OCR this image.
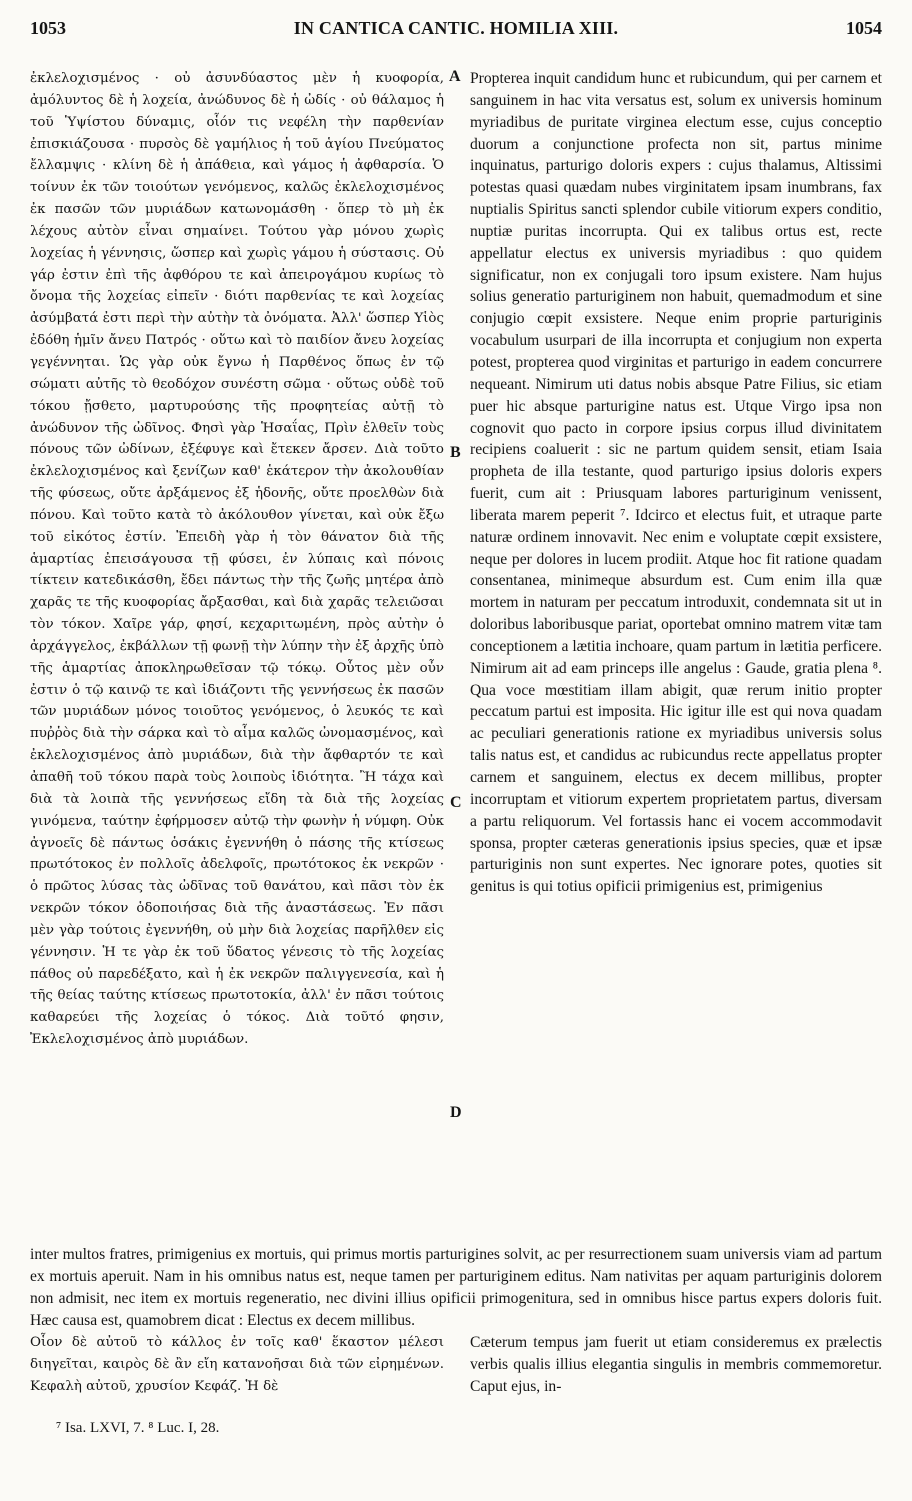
1053	IN CANTICA CANTIC. HOMILIA XIII.	1054

ἐκλελοχισμένος · οὐ ἀσυνδύαστος μὲν ἡ κυοφορία, ἀμόλυντος δὲ ἡ λοχεία, ἀνώδυνος δὲ ἡ ὠδίς · οὐ θάλαμος ἡ τοῦ Ὑψίστου δύναμις, οἷόν τις νεφέλη τὴν παρθενίαν ἐπισκιάζουσα · πυρσὸς δὲ γαμήλιος ἡ τοῦ ἁγίου Πνεύματος ἔλλαμψις · κλίνη δὲ ἡ ἀπάθεια, καὶ γάμος ἡ ἀφθαρσία. Ὁ τοίνυν ἐκ τῶν τοιούτων γενόμενος, καλῶς ἐκλελοχισμένος ἐκ πασῶν τῶν μυριάδων κατωνομάσθη · ὅπερ τὸ μὴ ἐκ λέχους αὐτὸν εἶναι σημαίνει. Τούτου γὰρ μόνου χωρὶς λοχείας ἡ γέννησις, ὥσπερ καὶ χωρὶς γάμου ἡ σύστασις. Οὐ γάρ ἐστιν ἐπὶ τῆς ἀφθόρου τε καὶ ἀπειρογάμου κυρίως τὸ ὄνομα τῆς λοχείας εἰπεῖν · διότι παρθενίας τε καὶ λοχείας ἀσύμβατά ἐστι περὶ τὴν αὐτὴν τὰ ὀνόματα. Ἀλλ' ὥσπερ Υἱὸς ἐδόθη ἡμῖν ἄνευ Πατρός · οὕτω καὶ τὸ παιδίον ἄνευ λοχείας γεγέννηται. Ὡς γὰρ οὐκ ἔγνω ἡ Παρθένος ὅπως ἐν τῷ σώματι αὐτῆς τὸ θεοδόχον συνέστη σῶμα · οὕτως οὐδὲ τοῦ τόκου ᾔσθετο, μαρτυρούσης τῆς προφητείας αὐτῇ τὸ ἀνώδυνον τῆς ὠδῖνος. Φησὶ γὰρ Ἡσαΐας, Πρὶν ἐλθεῖν τοὺς πόνους τῶν ὠδίνων, ἐξέφυγε καὶ ἔτεκεν ἄρσεν. Διὰ τοῦτο ἐκλελοχισμένος καὶ ξενίζων καθ' ἑκάτερον τὴν ἀκολουθίαν τῆς φύσεως, οὔτε ἀρξάμενος ἐξ ἡδονῆς, οὔτε προελθὼν διὰ πόνου. Καὶ τοῦτο κατὰ τὸ ἀκόλουθον γίνεται, καὶ οὐκ ἔξω τοῦ εἰκότος ἐστίν. Ἐπειδὴ γὰρ ἡ τὸν θάνατον διὰ τῆς ἁμαρτίας ἐπεισάγουσα τῇ φύσει, ἐν λύπαις καὶ πόνοις τίκτειν κατεδικάσθη, ἔδει πάντως τὴν τῆς ζωῆς μητέρα ἀπὸ χαρᾶς τε τῆς κυοφορίας ἄρξασθαι, καὶ διὰ χαρᾶς τελειῶσαι τὸν τόκον. Χαῖρε γάρ, φησί, κεχαριτωμένη, πρὸς αὐτὴν ὁ ἀρχάγγελος, ἐκβάλλων τῇ φωνῇ τὴν λύπην τὴν ἐξ ἀρχῆς ὑπὸ τῆς ἁμαρτίας ἀποκληρωθεῖσαν τῷ τόκῳ. Οὗτος μὲν οὖν ἐστιν ὁ τῷ καινῷ τε καὶ ἰδιάζοντι τῆς γεννήσεως ἐκ πασῶν τῶν μυριάδων μόνος τοιοῦτος γενόμενος, ὁ λευκός τε καὶ πυῤῥὸς διὰ τὴν σάρκα καὶ τὸ αἷμα καλῶς ὠνομασμένος, καὶ ἐκλελοχισμένος ἀπὸ μυριάδων, διὰ τὴν ἄφθαρτόν τε καὶ ἀπαθῆ τοῦ τόκου παρὰ τοὺς λοιποὺς ἰδιότητα. Ἢ τάχα καὶ διὰ τὰ λοιπὰ τῆς γεννήσεως εἴδη τὰ διὰ τῆς λοχείας γινόμενα, ταύτην ἐφήρμοσεν αὐτῷ τὴν φωνὴν ἡ νύμφη. Οὐκ ἀγνοεῖς δὲ πάντως ὁσάκις ἐγεννήθη ὁ πάσης τῆς κτίσεως πρωτότοκος ἐν πολλοῖς ἀδελφοῖς, πρωτότοκος ἐκ νεκρῶν · ὁ πρῶτος λύσας τὰς ὠδῖνας τοῦ θανάτου, καὶ πᾶσι τὸν ἐκ νεκρῶν τόκον ὁδοποιήσας διὰ τῆς ἀναστάσεως. Ἐν πᾶσι μὲν γὰρ τούτοις ἐγεννήθη, οὐ μὴν διὰ λοχείας παρῆλθεν εἰς γέννησιν. Ἡ τε γὰρ ἐκ τοῦ ὕδατος γένεσις τὸ τῆς λοχείας πάθος οὐ παρεδέξατο, καὶ ἡ ἐκ νεκρῶν παλιγγενεσία, καὶ ἡ τῆς θείας ταύτης κτίσεως πρωτοτοκία, ἀλλ' ἐν πᾶσι τούτοις καθαρεύει τῆς λοχείας ὁ τόκος. Διὰ τοῦτό φησιν, Ἐκλελοχισμένος ἀπὸ μυριάδων.

Propterea inquit candidum hunc et rubicundum, qui per carnem et sanguinem in hac vita versatus est, solum ex universis hominum myriadibus de puritate virginea electum esse, cujus conceptio duorum a conjunctione profecta non sit, partus minime inquinatus, parturigo doloris expers : cujus thalamus, Altissimi potestas quasi quædam nubes virginitatem ipsam inumbrans, fax nuptialis Spiritus sancti splendor cubile vitiorum expers conditio, nuptiæ puritas incorrupta. Qui ex talibus ortus est, recte appellatur electus ex universis myriadibus : quo quidem significatur, non ex conjugali toro ipsum existere. Nam hujus solius generatio parturiginem non habuit, quemadmodum et sine conjugio cœpit exsistere. Neque enim proprie parturiginis vocabulum usurpari de illa incorrupta et conjugium non experta potest, propterea quod virginitas et parturigo in eadem concurrere nequeant. Nimirum uti datus nobis absque Patre Filius, sic etiam puer hic absque parturigine natus est. Utque Virgo ipsa non cognovit quo pacto in corpore ipsius corpus illud divinitatem recipiens coaluerit : sic ne partum quidem sensit, etiam Isaia propheta de illa testante, quod parturigo ipsius doloris expers fuerit, cum ait : Priusquam labores parturiginum venissent, liberata marem peperit ⁷. Idcirco et electus fuit, et utraque parte naturæ ordinem innovavit. Nec enim e voluptate cœpit exsistere, neque per dolores in lucem prodiit. Atque hoc fit ratione quadam consentanea, minimeque absurdum est. Cum enim illa quæ mortem in naturam per peccatum introduxit, condemnata sit ut in doloribus laboribusque pariat, oportebat omnino matrem vitæ tam conceptionem a lætitia inchoare, quam partum in lætitia perficere. Nimirum ait ad eam princeps ille angelus : Gaude, gratia plena ⁸. Qua voce mœstitiam illam abigit, quæ rerum initio propter peccatum partui est imposita. Hic igitur ille est qui nova quadam ac peculiari generationis ratione ex myriadibus universis solus talis natus est, et candidus ac rubicundus recte appellatus propter carnem et sanguinem, electus ex decem millibus, propter incorruptam et vitiorum expertem proprietatem partus, diversam a partu reliquorum. Vel fortassis hanc ei vocem accommodavit sponsa, propter cæteras generationis ipsius species, quæ et ipsæ parturiginis non sunt expertes. Nec ignorare potes, quoties sit genitus is qui totius opificii primigenius est, primigenius

A
B
C
D

inter multos fratres, primigenius ex mortuis, qui primus mortis parturigines solvit, ac per resurrectionem suam universis viam ad partum ex mortuis aperuit. Nam in his omnibus natus est, neque tamen per parturiginem editus. Nam nativitas per aquam parturiginis dolorem non admisit, nec item ex mortuis regeneratio, nec divini illius opificii primogenitura, sed in omnibus hisce partus expers doloris fuit. Hæc causa est, quamobrem dicat : Electus ex decem millibus.

Οἷον δὲ αὐτοῦ τὸ κάλλος ἐν τοῖς καθ' ἕκαστον μέλεσι διηγεῖται, καιρὸς δὲ ἂν εἴη κατανοῆσαι διὰ τῶν εἰρημένων. Κεφαλὴ αὐτοῦ, χρυσίον Κεφάζ. Ἡ δὲ

Cæterum tempus jam fuerit ut etiam consideremus ex prælectis verbis qualis illius elegantia singulis in membris commemoretur. Caput ejus, in-

⁷ Isa. LXVI, 7. ⁸ Luc. I, 28.
